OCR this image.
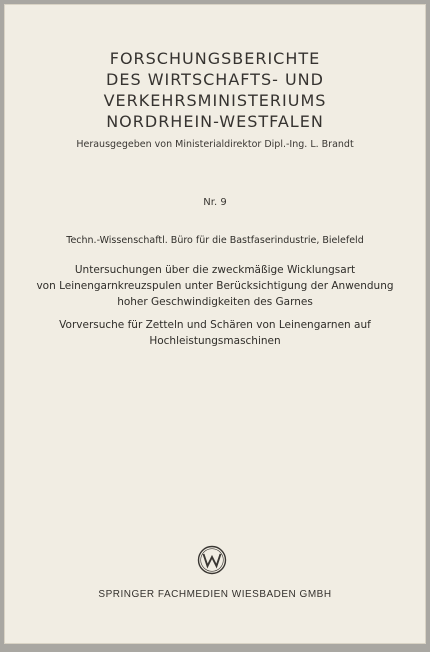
FORSCHUNGSBERICHTE
DES WIRTSCHAFTS- UND VERKEHRSMINISTERIUMS
NORDRHEIN-WESTFALEN
Herausgegeben von Ministerialdirektor Dipl.-Ing. L. Brandt
Nr. 9
Techn.-Wissenschaftl. Büro für die Bastfaserindustrie, Bielefeld
Untersuchungen über die zweckmäßige Wicklungsart
von Leinengarnkreuzspulen unter Berücksichtigung der Anwendung
hoher Geschwindigkeiten des Garnes
Vorversuche für Zetteln und Schären von Leinengarnen auf
Hochleistungsmaschinen
SPRINGER FACHMEDIEN WIESBADEN GMBH
